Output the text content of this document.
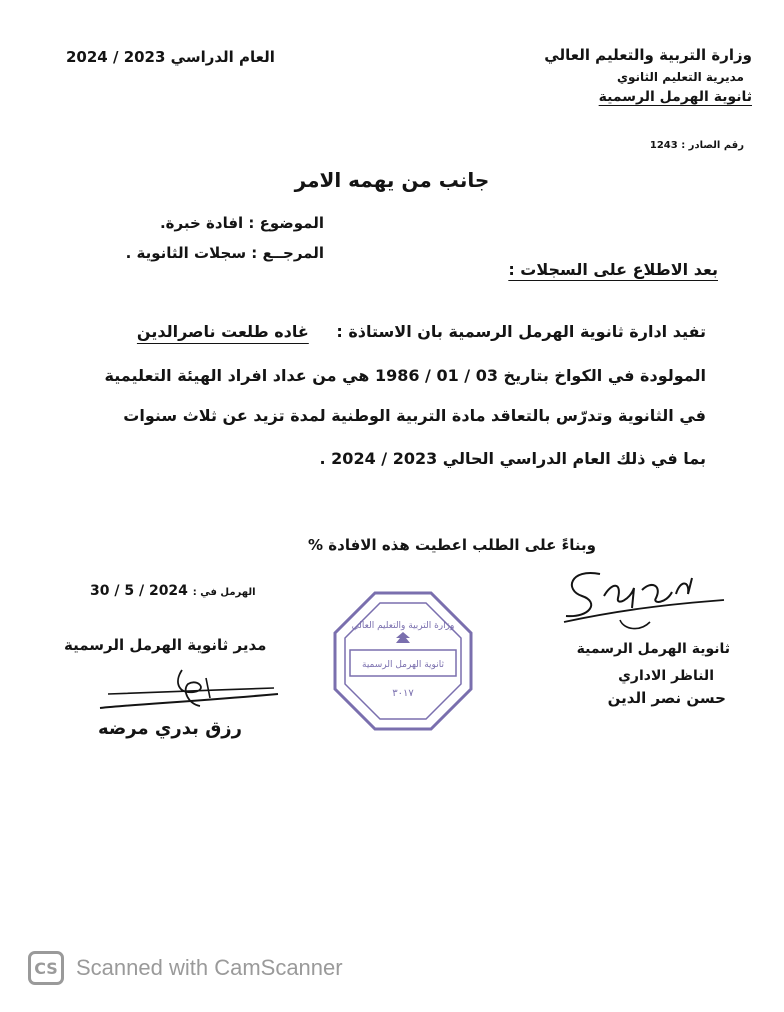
وزارة التربية والتعليم العالي
مديرية التعليم الثانوي
ثانوية الهرمل الرسمية
العام الدراسي 2023 / 2024
رقم الصادر : 1243
جانب من يهمه الامر
الموضوع : افادة خبرة.
المرجــع : سجلات الثانوية .
بعد الاطلاع على السجلات :
تفيد ادارة ثانوية الهرمل الرسمية بان الاستاذة : غاده طلعت ناصرالدين
المولودة في الكواخ بتاريخ 03 / 01 / 1986 هي من عداد افراد الهيئة التعليمية
في الثانوية وتدرّس بالتعاقد مادة التربية الوطنية لمدة تزيد عن ثلاث سنوات
بما في ذلك العام الدراسي الحالي 2023 / 2024 .
وبناءً على الطلب اعطيت هذه الافادة %
الهرمل في : 30 / 5 / 2024
مدير ثانوية الهرمل الرسمية
رزق بدري مرضه
وزارة التربية والتعليم العالي
ثانوية الهرمل الرسمية
٣٠١٧
ثانوية الهرمل الرسمية
الناظر الاداري
حسن نصر الدين
CS Scanned with CamScanner
